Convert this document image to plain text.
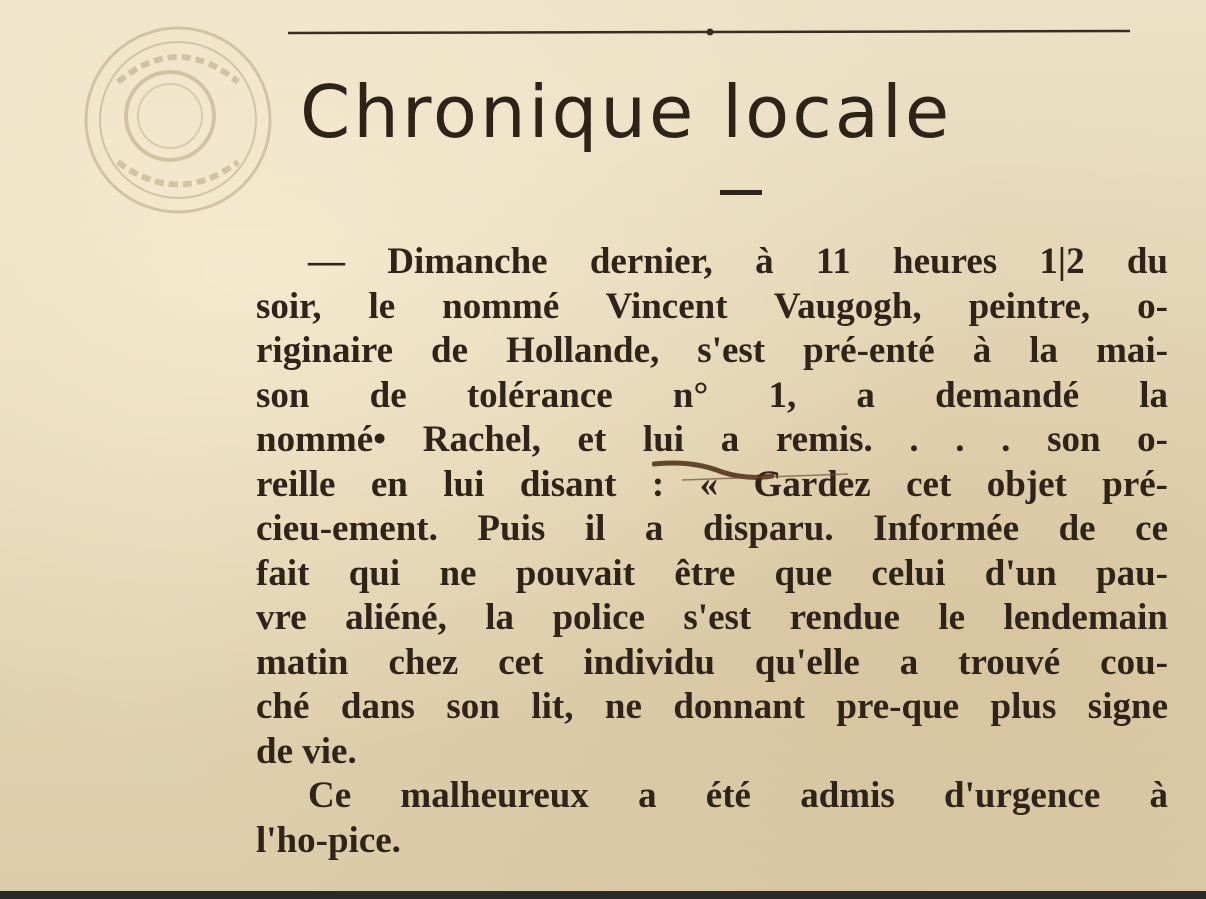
Chronique locale

— Dimanche dernier, à 11 heures 1|2 du
soir, le nommé Vincent Vaugogh, peintre, o-
riginaire de Hollande, s'est pré-enté à la mai-
son de tolérance n° 1, a demandé la
nommé• Rachel, et lui a remis. . . . son o-
reille en lui disant : « Gardez cet objet pré-
cieu-ement. Puis il a disparu. Informée de ce
fait qui ne pouvait être que celui d'un pau-
vre aliéné, la police s'est rendue le lendemain
matin chez cet individu qu'elle a trouvé cou-
ché dans son lit, ne donnant pre-que plus signe
de vie.

Ce malheureux a été admis d'urgence à
l'ho-pice.
